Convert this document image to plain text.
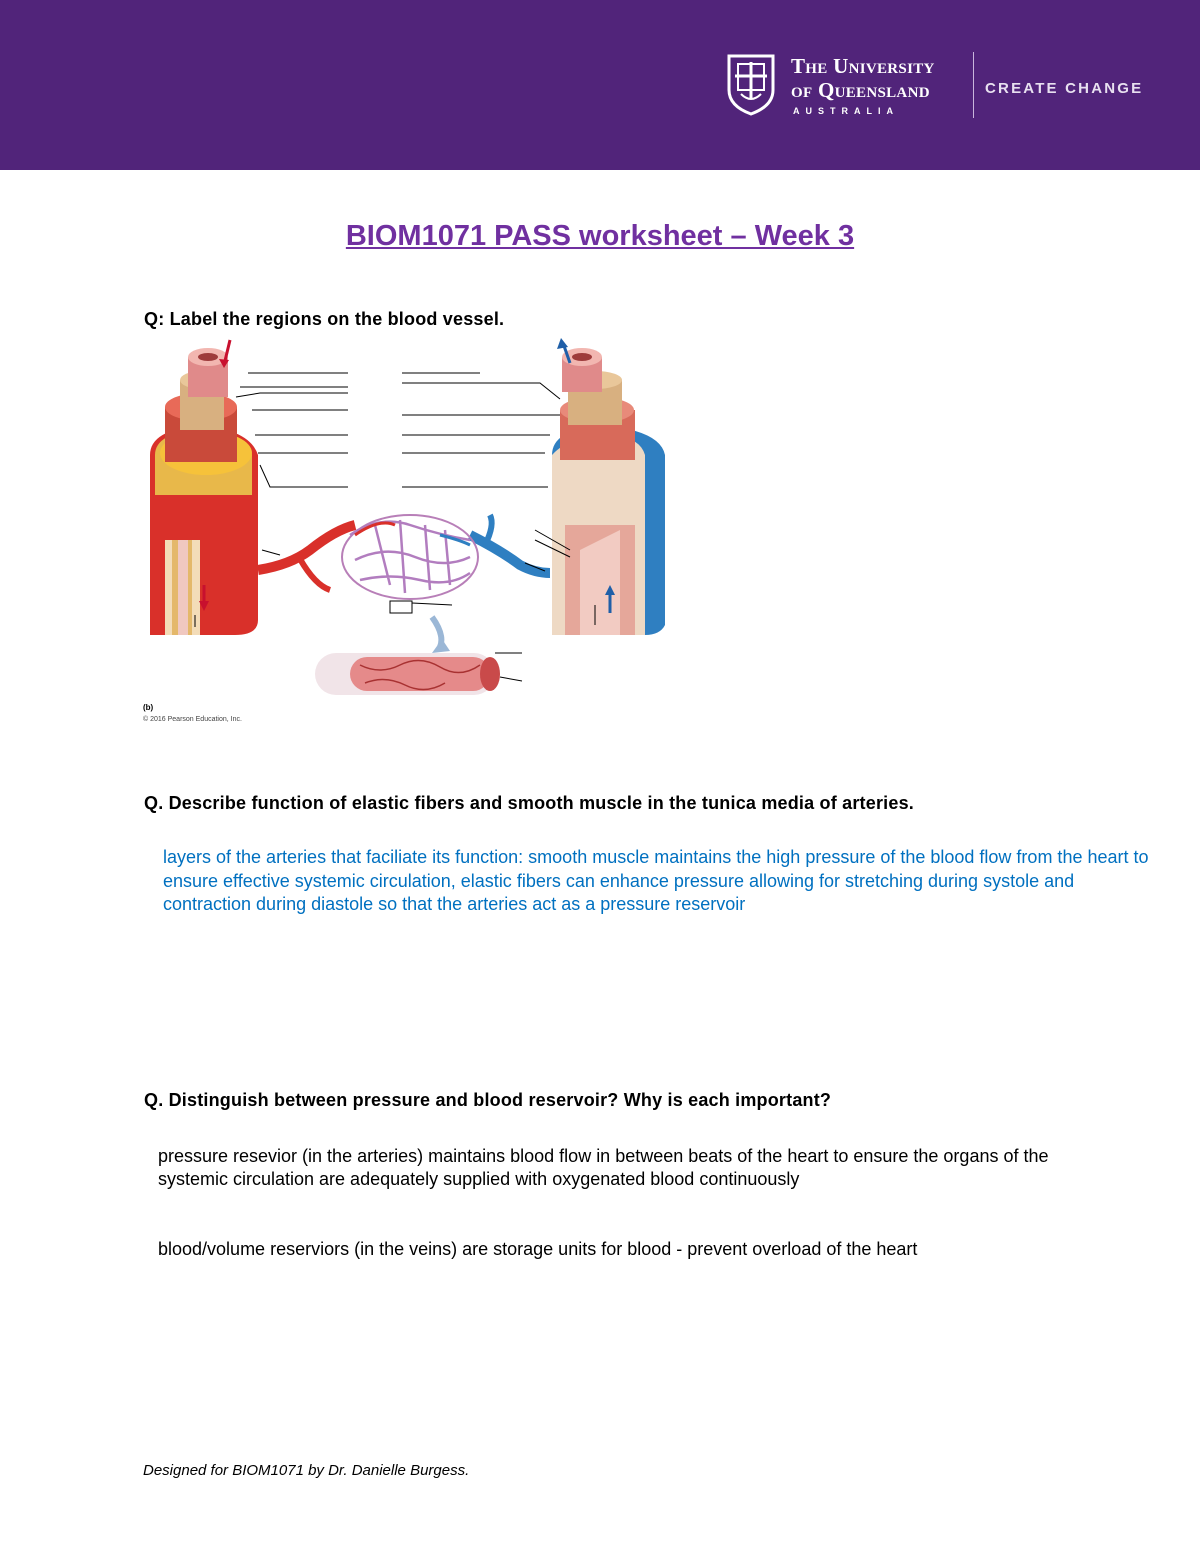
The University
of Queensland
AUSTRALIA
CREATE CHANGE
BIOM1071 PASS worksheet – Week 3
Q: Label the regions on the blood vessel.
(b)
© 2016 Pearson Education, Inc.
Q. Describe function of elastic fibers and smooth muscle in the tunica media of arteries.
layers of the arteries that faciliate its function: smooth muscle maintains the high pressure of the blood flow from the heart to ensure effective systemic circulation, elastic fibers can enhance pressure allowing for stretching during systole and contraction during diastole so that the arteries act as a pressure reservoir
Q. Distinguish between pressure and blood reservoir? Why is each important?
pressure resevior (in the arteries) maintains blood flow in between beats of the heart to ensure the organs of the systemic circulation are adequately supplied with oxygenated blood continuously
blood/volume reserviors (in the veins) are storage units for blood - prevent overload of the heart
Designed for BIOM1071 by Dr. Danielle Burgess.
